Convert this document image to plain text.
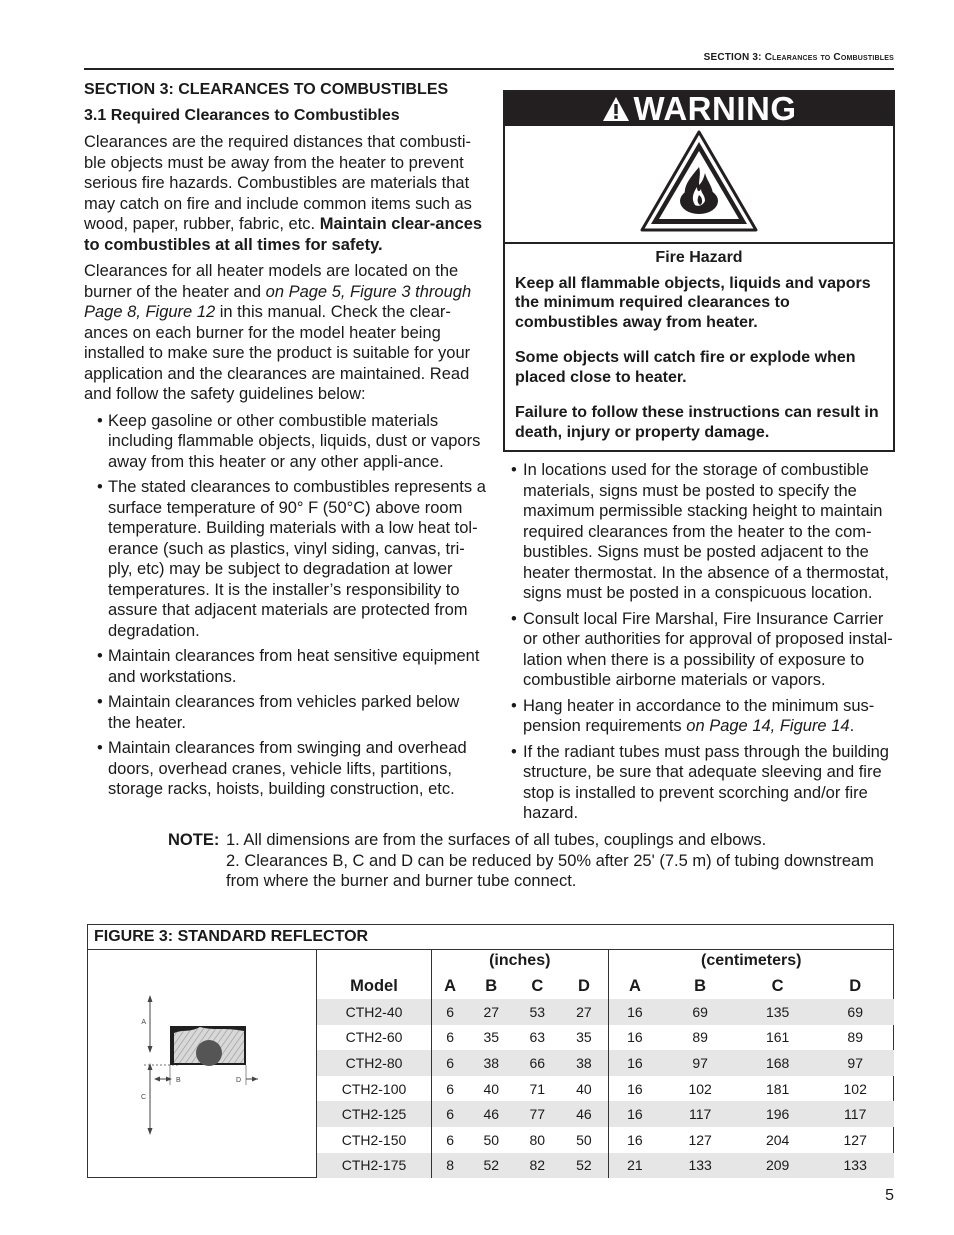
SECTION 3: Clearances to Combustibles
SECTION 3: CLEARANCES TO COMBUSTIBLES
3.1 Required Clearances to Combustibles

Clearances are the required distances that combusti-ble objects must be away from the heater to prevent serious fire hazards. Combustibles are materials that may catch on fire and include common items such as wood, paper, rubber, fabric, etc. Maintain clear-ances to combustibles at all times for safety.

Clearances for all heater models are located on the burner of the heater and on Page 5, Figure 3 through Page 8, Figure 12 in this manual. Check the clear-ances on each burner for the model heater being installed to make sure the product is suitable for your application and the clearances are maintained. Read and follow the safety guidelines below:

• Keep gasoline or other combustible materials including flammable objects, liquids, dust or vapors away from this heater or any other appli-ance.
• The stated clearances to combustibles represents a surface temperature of 90° F (50°C) above room temperature. Building materials with a low heat tol-erance (such as plastics, vinyl siding, canvas, tri-ply, etc) may be subject to degradation at lower temperatures. It is the installer’s responsibility to assure that adjacent materials are protected from degradation.
• Maintain clearances from heat sensitive equipment and workstations.
• Maintain clearances from vehicles parked below the heater.
• Maintain clearances from swinging and overhead doors, overhead cranes, vehicle lifts, partitions, storage racks, hoists, building construction, etc.
WARNING
Fire Hazard

Keep all flammable objects, liquids and vapors the minimum required clearances to combustibles away from heater.

Some objects will catch fire or explode when placed close to heater.

Failure to follow these instructions can result in death, injury or property damage.

• In locations used for the storage of combustible materials, signs must be posted to specify the maximum permissible stacking height to maintain required clearances from the heater to the com-bustibles. Signs must be posted adjacent to the heater thermostat. In the absence of a thermostat, signs must be posted in a conspicuous location.
• Consult local Fire Marshal, Fire Insurance Carrier or other authorities for approval of proposed instal-lation when there is a possibility of exposure to combustible airborne materials or vapors.
• Hang heater in accordance to the minimum sus-pension requirements on Page 14, Figure 14.
• If the radiant tubes must pass through the building structure, be sure that adequate sleeving and fire stop is installed to prevent scorching and/or fire hazard.
NOTE: 1. All dimensions are from the surfaces of all tubes, couplings and elbows.
2. Clearances B, C and D can be reduced by 50% after 25' (7.5 m) of tubing downstream from where the burner and burner tube connect.
FIGURE 3: STANDARD REFLECTOR
A
C
B	D
	(inches)				(centimeters)			
Model	A	B	C	D	A	B	C	D
CTH2-40	6	27	53	27	16	69	135	69
CTH2-60	6	35	63	35	16	89	161	89
CTH2-80	6	38	66	38	16	97	168	97
CTH2-100	6	40	71	40	16	102	181	102
CTH2-125	6	46	77	46	16	117	196	117
CTH2-150	6	50	80	50	16	127	204	127
CTH2-175	8	52	82	52	21	133	209	133
5
